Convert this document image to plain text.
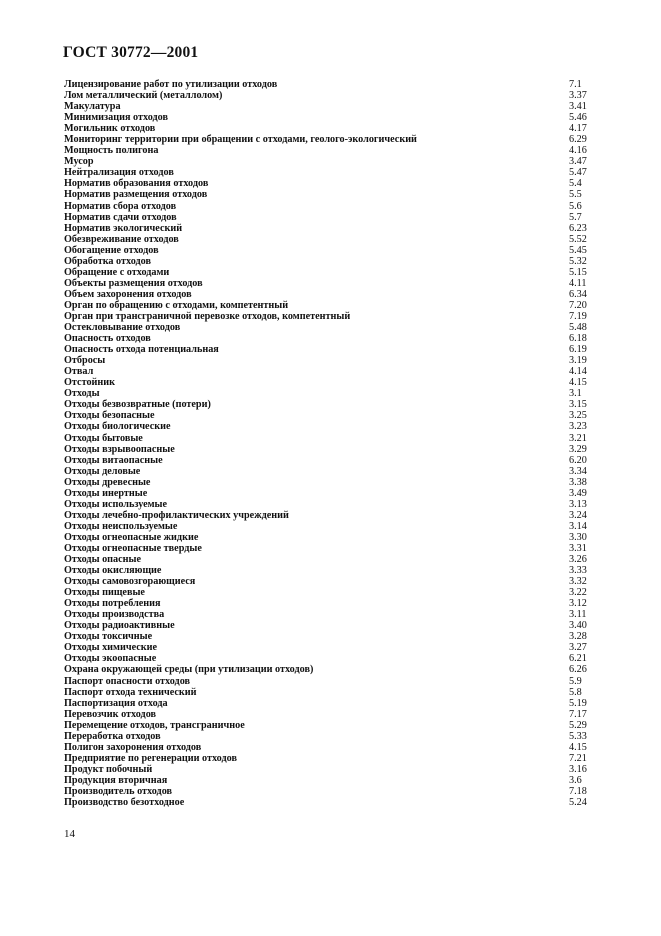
ГОСТ 30772—2001
Лицензирование работ по утилизации отходов	7.1
Лом металлический (металлолом)	3.37
Макулатура	3.41
Минимизация отходов	5.46
Могильник отходов	4.17
Мониторинг территории при обращении с отходами, геолого-экологический	6.29
Мощность полигона	4.16
Мусор	3.47
Нейтрализация отходов	5.47
Норматив образования отходов	5.4
Норматив размещения отходов	5.5
Норматив сбора отходов	5.6
Норматив сдачи отходов	5.7
Норматив экологический	6.23
Обезвреживание отходов	5.52
Обогащение отходов	5.45
Обработка отходов	5.32
Обращение с отходами	5.15
Объекты размещения отходов	4.11
Объем захоронения отходов	6.34
Орган по обращению с отходами, компетентный	7.20
Орган при трансграничной перевозке отходов, компетентный	7.19
Остекловывание отходов	5.48
Опасность отходов	6.18
Опасность отхода потенциальная	6.19
Отбросы	3.19
Отвал	4.14
Отстойник	4.15
Отходы	3.1
Отходы безвозвратные (потери)	3.15
Отходы безопасные	3.25
Отходы биологические	3.23
Отходы бытовые	3.21
Отходы взрывоопасные	3.29
Отходы витаопасные	6.20
Отходы деловые	3.34
Отходы древесные	3.38
Отходы инертные	3.49
Отходы используемые	3.13
Отходы лечебно-профилактических учреждений	3.24
Отходы неиспользуемые	3.14
Отходы огнеопасные жидкие	3.30
Отходы огнеопасные твердые	3.31
Отходы опасные	3.26
Отходы окисляющие	3.33
Отходы самовозгорающиеся	3.32
Отходы пищевые	3.22
Отходы потребления	3.12
Отходы производства	3.11
Отходы радиоактивные	3.40
Отходы токсичные	3.28
Отходы химические	3.27
Отходы экоопасные	6.21
Охрана окружающей среды (при утилизации отходов)	6.26
Паспорт опасности отходов	5.9
Паспорт отхода технический	5.8
Паспортизация отхода	5.19
Перевозчик отходов	7.17
Перемещение отходов, трансграничное	5.29
Переработка отходов	5.33
Полигон захоронения отходов	4.15
Предприятие по регенерации отходов	7.21
Продукт побочный	3.16
Продукция вторичная	3.6
Производитель отходов	7.18
Производство безотходное	5.24
14
